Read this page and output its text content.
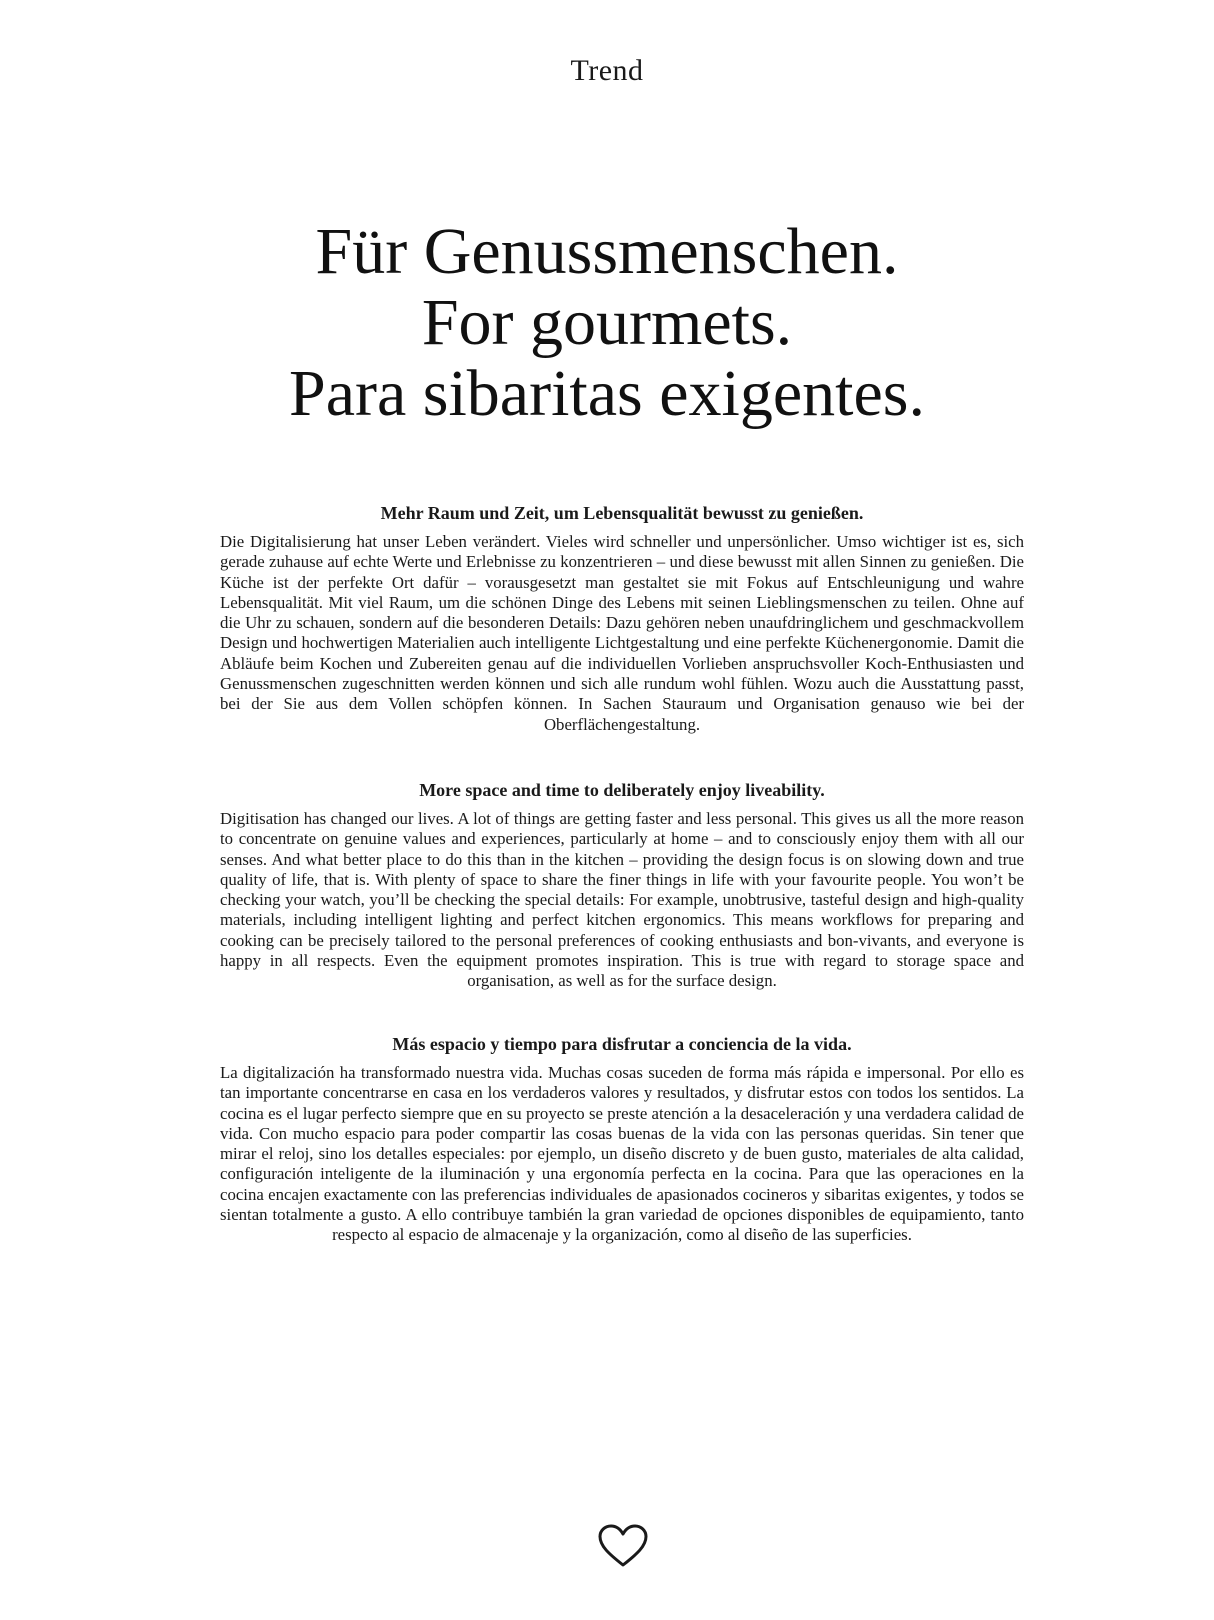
Trend
Für Genussmenschen.
For gourmets.
Para sibaritas exigentes.
Mehr Raum und Zeit, um Lebensqualität bewusst zu genießen.

Die Digitalisierung hat unser Leben verändert. Vieles wird schneller und unpersönlicher. Umso wichtiger ist es, sich gerade zuhause auf echte Werte und Erlebnisse zu konzentrieren – und diese bewusst mit allen Sinnen zu genießen. Die Küche ist der perfekte Ort dafür – vorausgesetzt man gestaltet sie mit Fokus auf Entschleunigung und wahre Lebensqualität. Mit viel Raum, um die schönen Dinge des Lebens mit seinen Lieblingsmenschen zu teilen. Ohne auf die Uhr zu schauen, sondern auf die besonderen Details: Dazu gehören neben unaufdringlichem und geschmackvollem Design und hochwertigen Materialien auch intelligente Lichtgestaltung und eine perfekte Küchenergonomie. Damit die Abläufe beim Kochen und Zubereiten genau auf die individuellen Vorlieben anspruchsvoller Koch-Enthusiasten und Genussmenschen zugeschnitten werden können und sich alle rundum wohl fühlen. Wozu auch die Ausstattung passt, bei der Sie aus dem Vollen schöpfen können. In Sachen Stauraum und Organisation genauso wie bei der Oberflächengestaltung.

More space and time to deliberately enjoy liveability.

Digitisation has changed our lives. A lot of things are getting faster and less personal. This gives us all the more reason to concentrate on genuine values and experiences, particularly at home – and to consciously enjoy them with all our senses. And what better place to do this than in the kitchen – providing the design focus is on slowing down and true quality of life, that is. With plenty of space to share the finer things in life with your favourite people. You won’t be checking your watch, you’ll be checking the special details: For example, unobtrusive, tasteful design and high-quality materials, including intelligent lighting and perfect kitchen ergonomics. This means workflows for preparing and cooking can be precisely tailored to the personal preferences of cooking enthusiasts and bon-vivants, and everyone is happy in all respects. Even the equipment promotes inspiration. This is true with regard to storage space and organisation, as well as for the surface design.

Más espacio y tiempo para disfrutar a conciencia de la vida.

La digitalización ha transformado nuestra vida. Muchas cosas suceden de forma más rápida e impersonal. Por ello es tan importante concentrarse en casa en los verdaderos valores y resultados, y disfrutar estos con todos los sentidos. La cocina es el lugar perfecto siempre que en su proyecto se preste atención a la desaceleración y una verdadera calidad de vida. Con mucho espacio para poder compartir las cosas buenas de la vida con las personas queridas. Sin tener que mirar el reloj, sino los detalles especiales: por ejemplo, un diseño discreto y de buen gusto, materiales de alta calidad, configuración inteligente de la iluminación y una ergonomía perfecta en la cocina. Para que las operaciones en la cocina encajen exactamente con las preferencias individuales de apasionados cocineros y sibaritas exigentes, y todos se sientan totalmente a gusto. A ello contribuye también la gran variedad de opciones disponibles de equipamiento, tanto respecto al espacio de almacenaje y la organización, como al diseño de las superficies.
